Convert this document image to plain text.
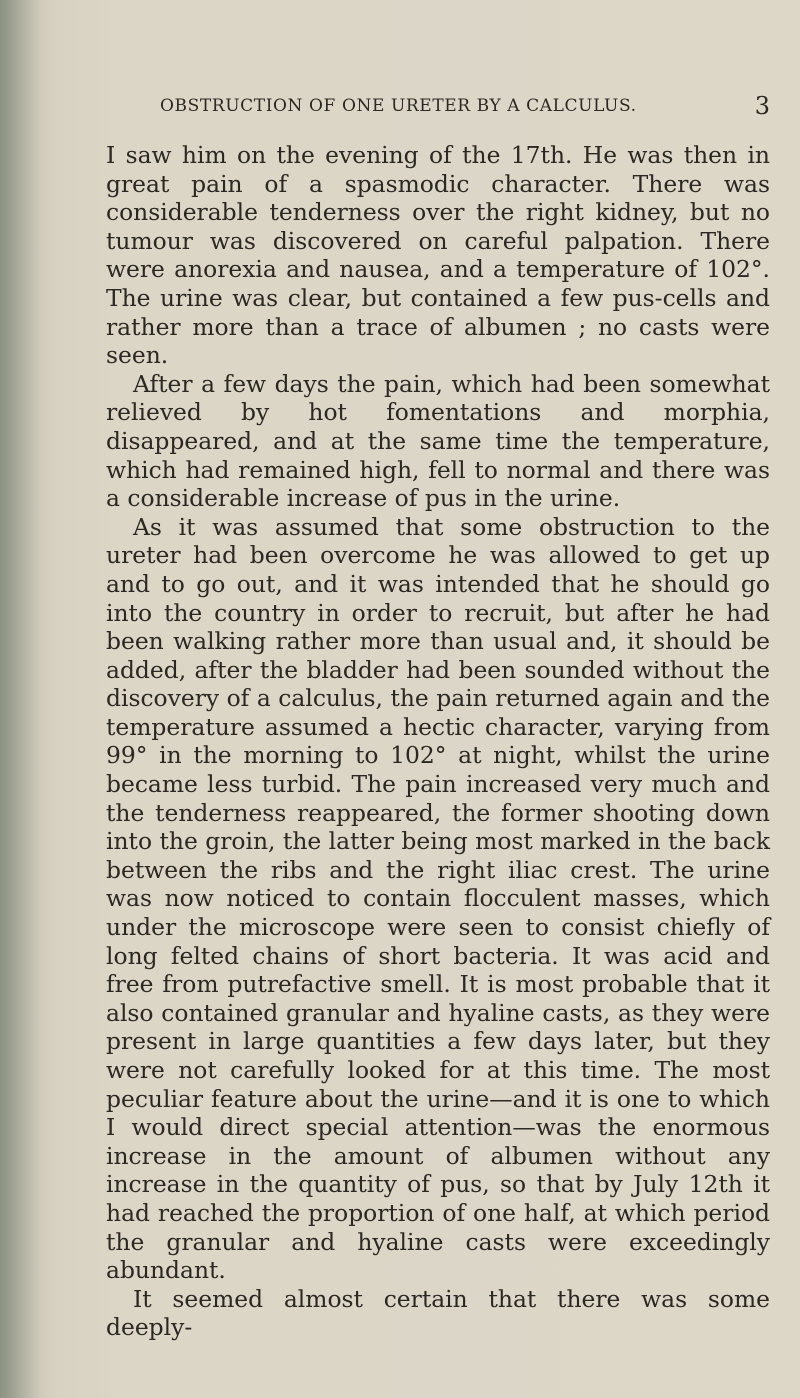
OBSTRUCTION OF ONE URETER BY A CALCULUS.	3

I saw him on the evening of the 17th. He was then in great pain of a spasmodic character. There was considerable tenderness over the right kidney, but no tumour was discovered on careful palpation. There were anorexia and nausea, and a temperature of 102°. The urine was clear, but contained a few pus-cells and rather more than a trace of albumen ; no casts were seen.

After a few days the pain, which had been somewhat relieved by hot fomentations and morphia, disappeared, and at the same time the temperature, which had remained high, fell to normal and there was a considerable increase of pus in the urine.

As it was assumed that some obstruction to the ureter had been overcome he was allowed to get up and to go out, and it was intended that he should go into the country in order to recruit, but after he had been walking rather more than usual and, it should be added, after the bladder had been sounded without the discovery of a calculus, the pain returned again and the temperature assumed a hectic character, varying from 99° in the morning to 102° at night, whilst the urine became less turbid. The pain increased very much and the tenderness reappeared, the former shooting down into the groin, the latter being most marked in the back between the ribs and the right iliac crest. The urine was now noticed to contain flocculent masses, which under the microscope were seen to consist chiefly of long felted chains of short bacteria. It was acid and free from putrefactive smell. It is most probable that it also contained granular and hyaline casts, as they were present in large quantities a few days later, but they were not carefully looked for at this time. The most peculiar feature about the urine—and it is one to which I would direct special attention—was the enormous increase in the amount of albumen without any increase in the quantity of pus, so that by July 12th it had reached the proportion of one half, at which period the granular and hyaline casts were exceedingly abundant.

It seemed almost certain that there was some deeply-
